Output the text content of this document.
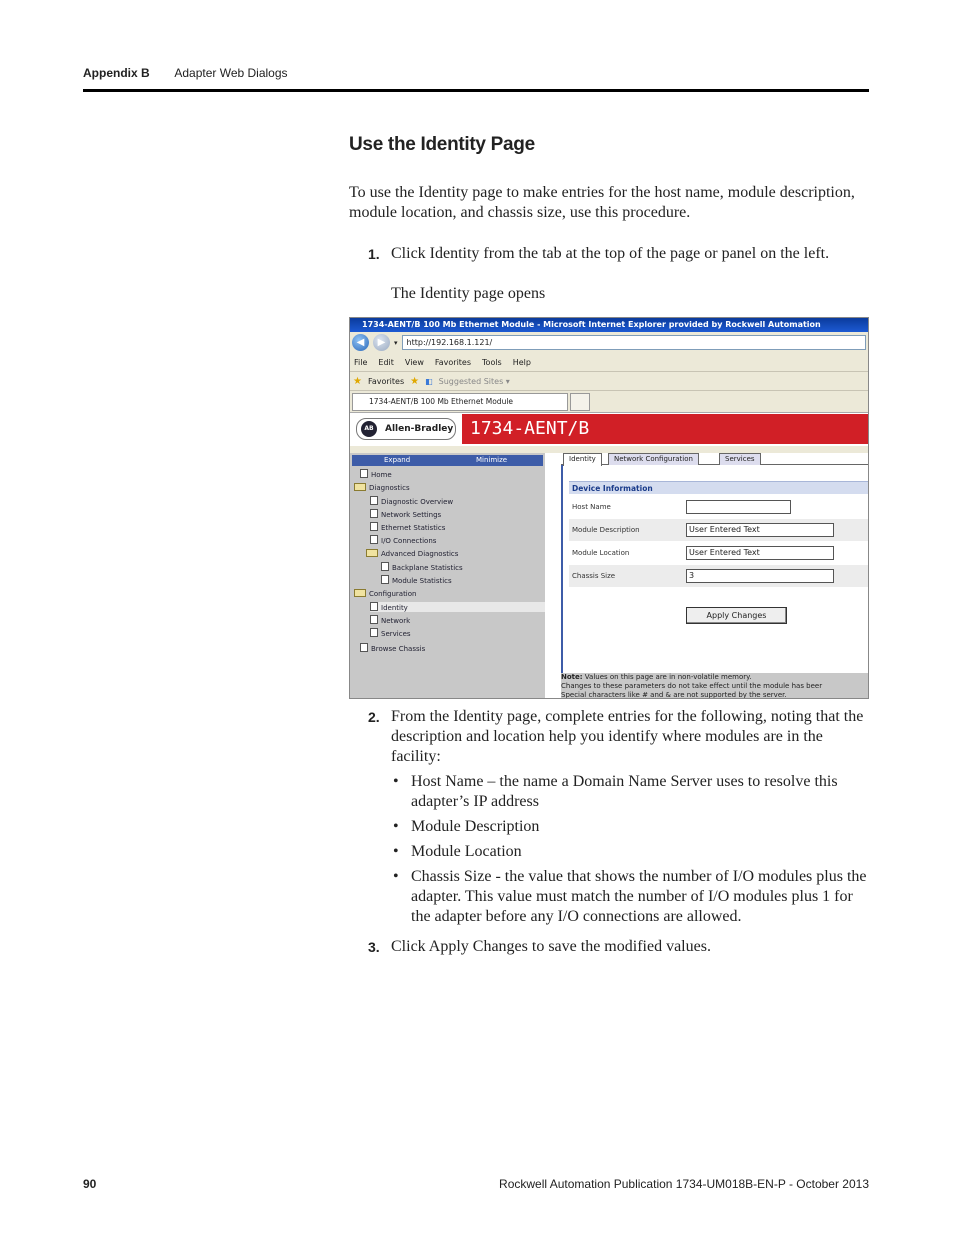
Appendix B Adapter Web Dialogs
Use the Identity Page
To use the Identity page to make entries for the host name, module description, module location, and chassis size, use this procedure.
1. Click Identity from the tab at the top of the page or panel on the left.
The Identity page opens
1734-AENT/B 100 Mb Ethernet Module - Microsoft Internet Explorer provided by Rockwell Automation
◀	▶	▾	http://192.168.1.121/
File Edit View Favorites Tools Help
★ Favorites ★ ◧ Suggested Sites ▾
1734-AENT/B 100 Mb Ethernet Module
AB	Allen-Bradley 1734-AENT/B
Expand	Minimize
Home
Diagnostics
Diagnostic Overview
Network Settings
Ethernet Statistics
I/O Connections
Advanced Diagnostics
Backplane Statistics
Module Statistics
Configuration
Identity
Network
Services
Browse Chassis
Identity	Network Configuration	Services
Device Information
Host Name
Module Description	User Entered Text
Module Location	User Entered Text
Chassis Size	3
Apply Changes
Note: Values on this page are in non-volatile memory.
Changes to these parameters do not take effect until the module has beer
Special characters like # and & are not supported by the server.
2. From the Identity page, complete entries for the following, noting that the description and location help you identify where modules are in the facility:
• Host Name – the name a Domain Name Server uses to resolve this adapter’s IP address
• Module Description
• Module Location
• Chassis Size - the value that shows the number of I/O modules plus the adapter. This value must match the number of I/O modules plus 1 for the adapter before any I/O connections are allowed.
3. Click Apply Changes to save the modified values.
90	Rockwell Automation Publication 1734-UM018B-EN-P - October 2013
